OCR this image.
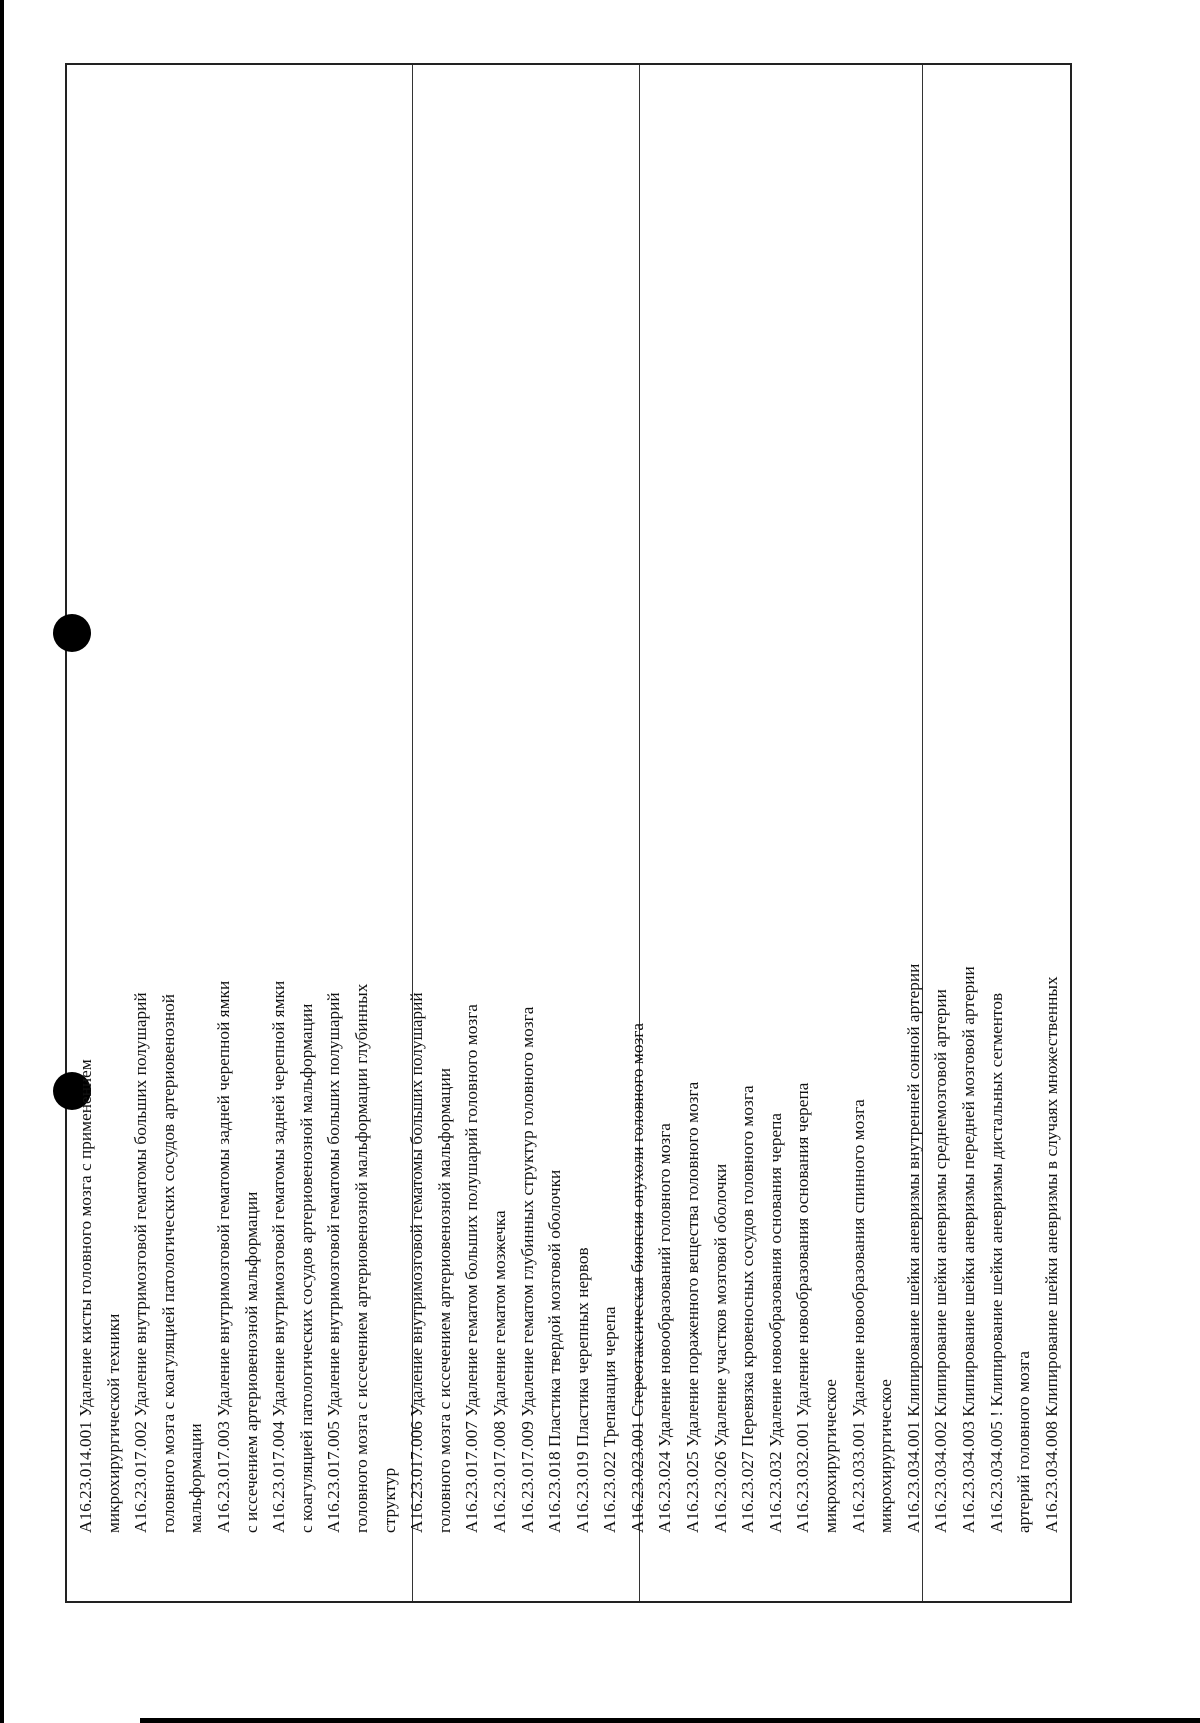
А16.23.014.001 Удаление кисты головного мозга с применением микрохирургической техники А16.23.017.002 Удаление внутримозговой гематомы больших полушарий головного мозга с коагуляцией патологических сосудов артериовенозной мальформации А16.23.017.003 Удаление внутримозговой гематомы задней черепной ямки с иссечением артериовенозной мальформации А16.23.017.004 Удаление внутримозговой гематомы задней черепной ямки с коагуляцией патологических сосудов артериовенозной мальформации А16.23.017.005 Удаление внутримозговой гематомы больших полушарий головного мозга с иссечением артериовенозной мальформации глубинных структур А16.23.017.006 Удаление внутримозговой гематомы больших полушарий головного мозга с иссечением артериовенозной мальформации А16.23.017.007 Удаление гематом больших полушарий головного мозга А16.23.017.008 Удаление гематом мозжечка А16.23.017.009 Удаление гематом глубинных структур головного мозга А16.23.018 Пластика твердой мозговой оболочки А16.23.019 Пластика черепных нервов А16.23.022 Трепанация черепа А16.23.023.001 Стереотаксическая биопсия опухоли головного мозга А16.23.024 Удаление новообразований головного мозга А16.23.025 Удаление пораженного вещества головного мозга А16.23.026 Удаление участков мозговой оболочки А16.23.027 Перевязка кровеносных сосудов головного мозга А16.23.032 Удаление новообразования основания черепа А16.23.032.001 Удаление новообразования основания черепа микрохирургическое А16.23.033.001 Удаление новообразования спинного мозга микрохирургическое А16.23.034.001 Клипирование шейки аневризмы внутренней сонной артерии А16.23.034.002 Клипирование шейки аневризмы среднемозговой артерии А16.23.034.003 Клипирование шейки аневризмы передней мозговой артерии А16.23.034.005 ! Клипирование шейки аневризмы дистальных сегментов артерий головного мозга А16.23.034.008 Клипирование шейки аневризмы в случаях множественных
